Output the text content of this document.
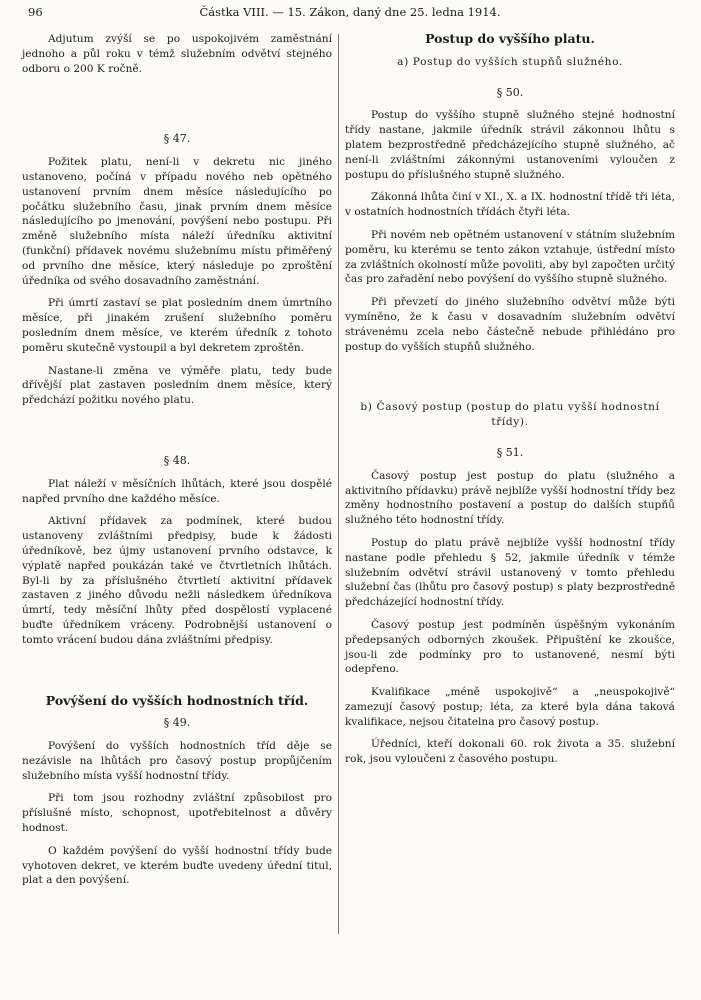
96	Částka VIII. — 15. Zákon, daný dne 25. ledna 1914.

Adjutum zvýší se po uspokojivém zaměstnání jednoho a půl roku v témž služebním odvětví stejného odboru o 200 K ročně.

§ 47.

Požitek platu, není-li v dekretu nic jiného ustanoveno, počíná v případu nového neb opětného ustanovení prvním dnem měsíce následujícího po počátku služebního času, jinak prvním dnem měsíce následujícího po jmenování, povýšení nebo postupu. Při změně služebního místa náleží úředníku aktivitní (funkční) přídavek novému služebnímu místu přiměřený od prvního dne měsíce, který následuje po zproštění úředníka od svého dosavadního zaměstnání.

Při úmrtí zastaví se plat posledním dnem úmrtního měsíce, při jinakém zrušení služebního poměru posledním dnem měsíce, ve kterém úředník z tohoto poměru skutečně vystoupil a byl dekretem zproštěn.

Nastane-li změna ve výměře platu, tedy bude dřívější plat zastaven posledním dnem měsíce, který předchází požitku nového platu.

§ 48.

Plat náleží v měsíčních lhůtách, které jsou dospělé napřed prvního dne každého měsíce.

Aktivní přídavek za podmínek, které budou ustanoveny zvláštními předpisy, bude k žádosti úředníkově, bez újmy ustanovení prvního odstavce, k výplatě napřed poukázán také ve čtvrtletních lhůtách. Byl-li by za příslušného čtvrtletí aktivitní přídavek zastaven z jiného důvodu nežli následkem úředníkova úmrtí, tedy měsíční lhůty před dospělostí vyplacené buďte úředníkem vráceny. Podrobnější ustanovení o tomto vrácení budou dána zvláštními předpisy.

Povýšení do vyšších hodnostních tříd.

§ 49.

Povýšení do vyšších hodnostních tříd děje se nezávisle na lhůtách pro časový postup propůjčením služebního místa vyšší hodnostní třídy.

Při tom jsou rozhodny zvláštní způsobilost pro příslušné místo, schopnost, upotřebitelnost a důvěry hodnost.

O každém povýšení do vyšší hodnostní třídy bude vyhotoven dekret, ve kterém buďte uvedeny úřední titul, plat a den povýšení.

Postup do vyššího platu.

a) Postup do vyšších stupňů služného.

§ 50.

Postup do vyššího stupně služného stejné hodnostní třídy nastane, jakmile úředník strávil zákonnou lhůtu s platem bezprostředně předcházejícího stupně služného, ač není-li zvláštními zákonnými ustanoveními vyloučen z postupu do příslušného stupně služného.

Zákonná lhůta činí v XI., X. a IX. hodnostní třídě tři léta, v ostatních hodnostních třídách čtyři léta.

Při novém neb opětném ustanovení v státním služebním poměru, ku kterému se tento zákon vztahuje, ústřední místo za zvláštních okolností může povoliti, aby byl započten určitý čas pro zařadění nebo povýšení do vyššího stupně služného.

Při převzetí do jiného služebního odvětví může býti vymíněno, že k času v dosavadním služebním odvětví strávenému zcela nebo částečně nebude přihlédáno pro postup do vyšších stupňů služného.

b) Časový postup (postup do platu vyšší hodnostní třídy).

§ 51.

Časový postup jest postup do platu (služného a aktivitního přídavku) právě nejblíže vyšší hodnostní třídy bez změny hodnostního postavení a postup do dalších stupňů služného této hodnostní třídy.

Postup do platu právě nejblíže vyšší hodnostní třídy nastane podle přehledu § 52, jakmile úředník v témže služebním odvětví strávil ustanovený v tomto přehledu služební čas (lhůtu pro časový postup) s platy bezprostředně předcházející hodnostní třídy.

Časový postup jest podmíněn úspěšným vykonáním předepsaných odborných zkoušek. Připuštění ke zkoušce, jsou-li zde podmínky pro to ustanovené, nesmí býti odepřeno.

Kvalifikace „méně uspokojivě“ a „neuspokojivě“ zamezují časový postup; léta, za které byla dána taková kvalifikace, nejsou čitatelna pro časový postup.

Úředníci, kteří dokonali 60. rok života a 35. služební rok, jsou vyloučeni z časového postupu.
